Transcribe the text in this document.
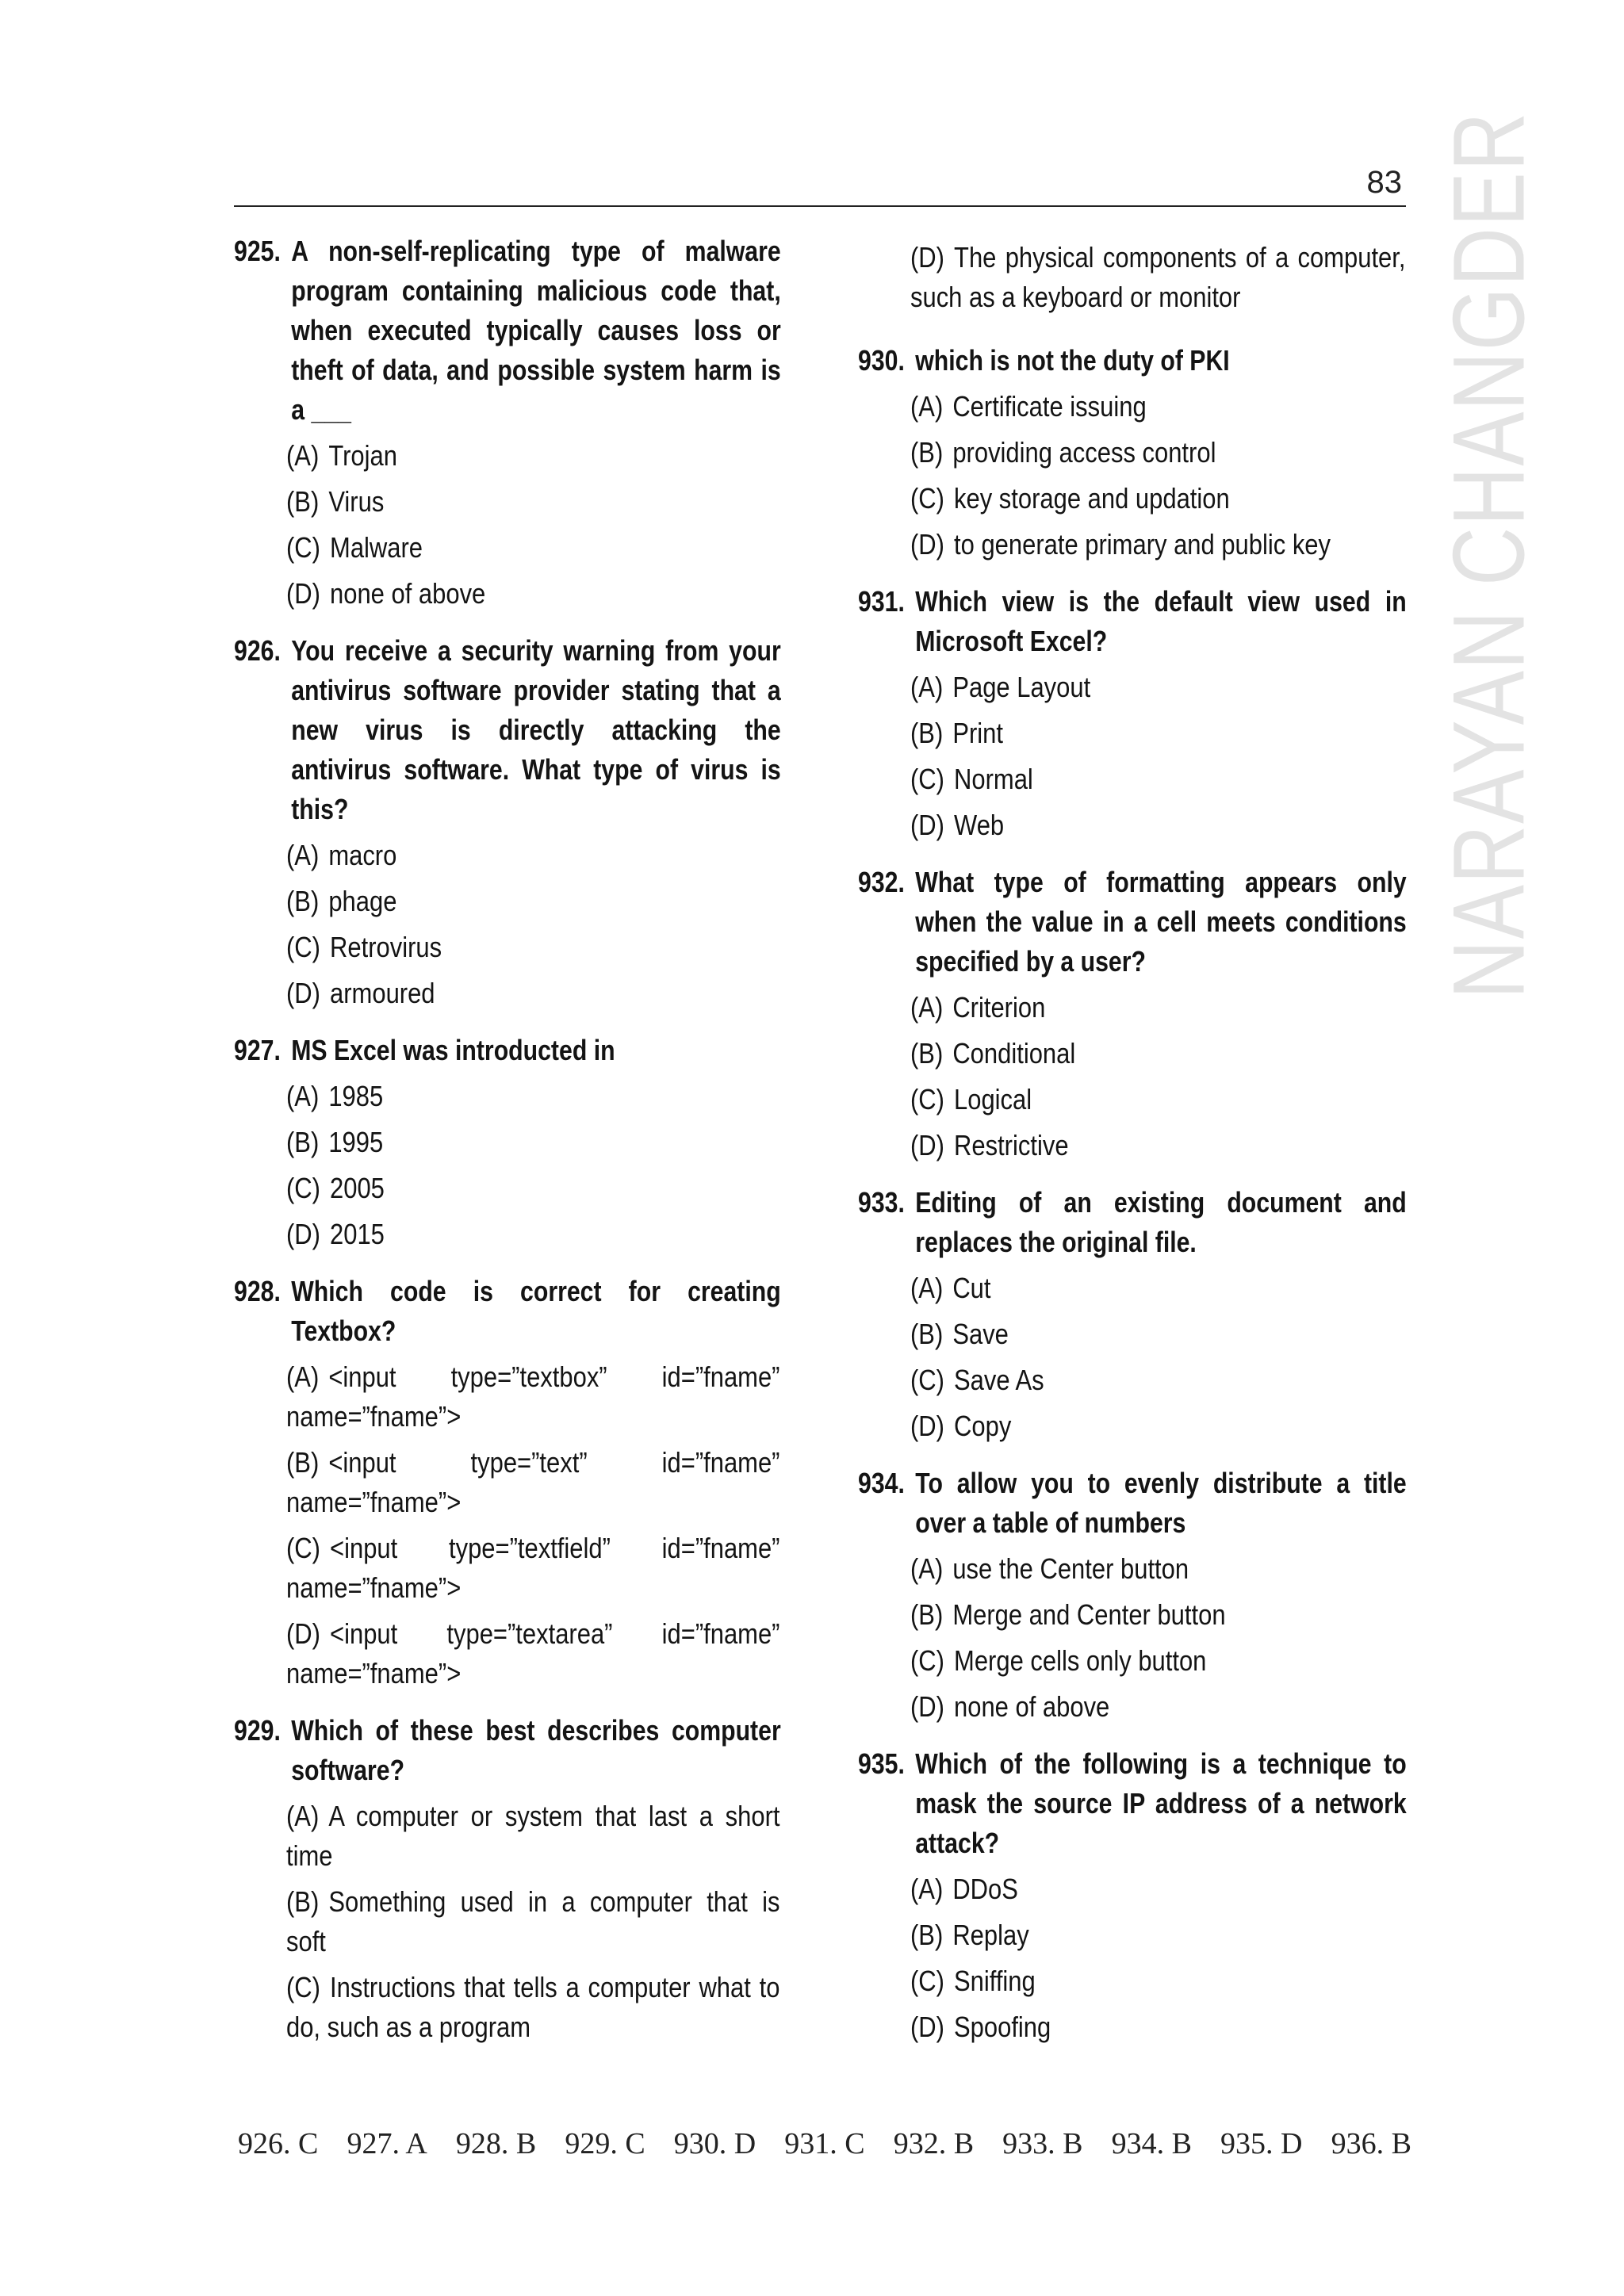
83 NARAYAN CHANGDER
925. A non-self-replicating type of malware program containing malicious code that, when executed typically causes loss or theft of data, and possible system harm is a ___
(A) Trojan
(B) Virus
(C) Malware
(D) none of above
926. You receive a security warning from your antivirus software provider stating that a new virus is directly attacking the antivirus software. What type of virus is this?
(A) macro
(B) phage
(C) Retrovirus
(D) armoured
927. MS Excel was introducted in
(A) 1985
(B) 1995
(C) 2005
(D) 2015
928. Which code is correct for creating Textbox?
(A) <input type=”textbox” id=”fname” name=”fname”>
(B) <input type=”text” id=”fname” name=”fname”>
(C) <input type=”textfield” id=”fname” name=”fname”>
(D) <input type=”textarea” id=”fname” name=”fname”>
929. Which of these best describes computer software?
(A) A computer or system that last a short time
(B) Something used in a computer that is soft
(C) Instructions that tells a computer what to do, such as a program
(D) The physical components of a computer, such as a keyboard or monitor
930. which is not the duty of PKI
(A) Certificate issuing
(B) providing access control
(C) key storage and updation
(D) to generate primary and public key
931. Which view is the default view used in Microsoft Excel?
(A) Page Layout
(B) Print
(C) Normal
(D) Web
932. What type of formatting appears only when the value in a cell meets conditions specified by a user?
(A) Criterion
(B) Conditional
(C) Logical
(D) Restrictive
933. Editing of an existing document and replaces the original file.
(A) Cut
(B) Save
(C) Save As
(D) Copy
934. To allow you to evenly distribute a title over a table of numbers
(A) use the Center button
(B) Merge and Center button
(C) Merge cells only button
(D) none of above
935. Which of the following is a technique to mask the source IP address of a network attack?
(A) DDoS
(B) Replay
(C) Sniffing
(D) Spoofing
926. C 927. A 928. B 929. C 930. D 931. C 932. B 933. B 934. B 935. D 936. B
